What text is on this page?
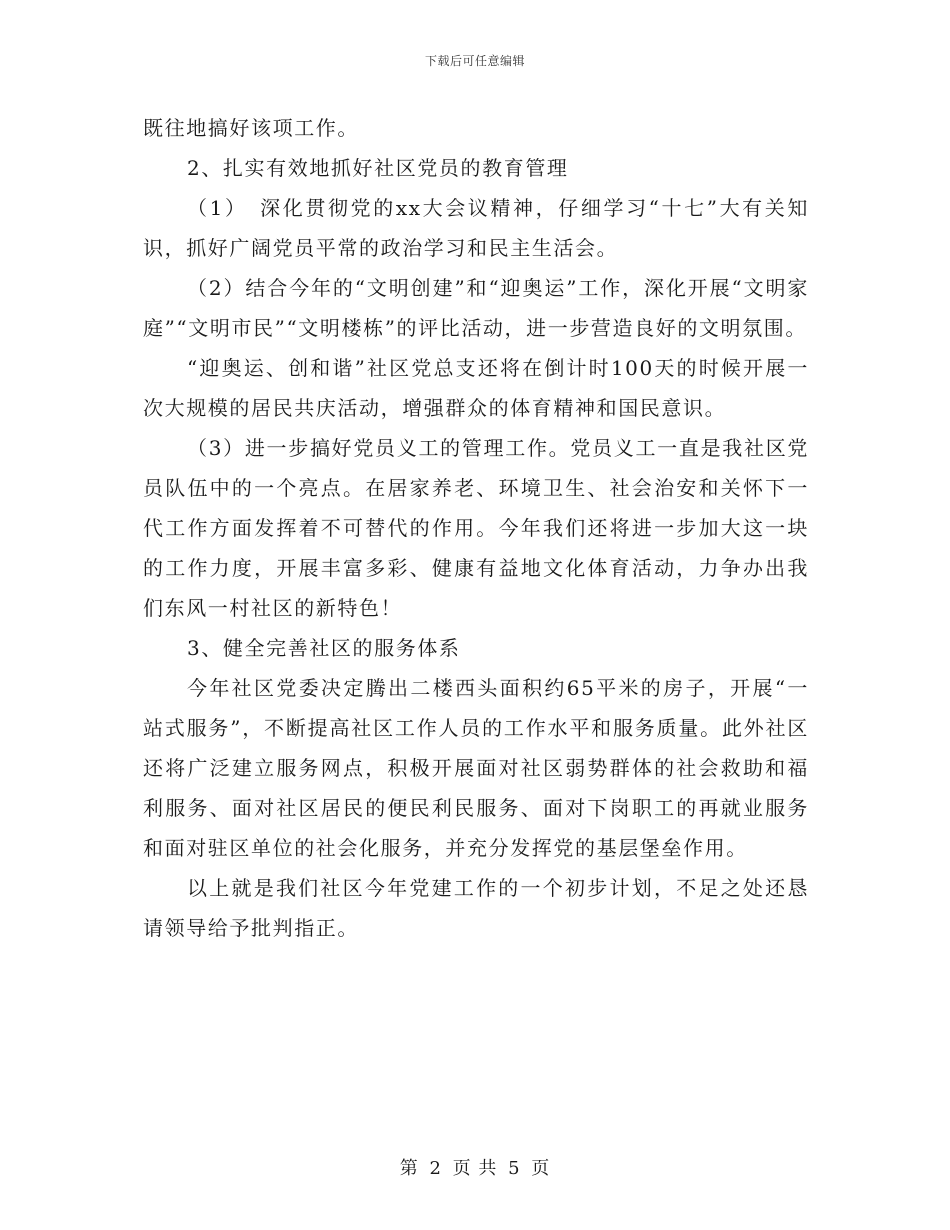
下载后可任意编辑

既往地搞好该项工作。

2、扎实有效地抓好社区党员的教育管理

（1）　深化贯彻党的xx大会议精神，仔细学习“十七”大有关知识，抓好广阔党员平常的政治学习和民主生活会。

（2）结合今年的“文明创建”和“迎奥运”工作，深化开展“文明家庭”“文明市民”“文明楼栋”的评比活动，进一步营造良好的文明氛围。

“迎奥运、创和谐”社区党总支还将在倒计时100天的时候开展一次大规模的居民共庆活动，增强群众的体育精神和国民意识。

（3）进一步搞好党员义工的管理工作。党员义工一直是我社区党员队伍中的一个亮点。在居家养老、环境卫生、社会治安和关怀下一代工作方面发挥着不可替代的作用。今年我们还将进一步加大这一块的工作力度，开展丰富多彩、健康有益地文化体育活动，力争办出我们东风一村社区的新特色！

3、健全完善社区的服务体系

今年社区党委决定腾出二楼西头面积约65平米的房子，开展“一站式服务”，不断提高社区工作人员的工作水平和服务质量。此外社区还将广泛建立服务网点，积极开展面对社区弱势群体的社会救助和福利服务、面对社区居民的便民利民服务、面对下岗职工的再就业服务和面对驻区单位的社会化服务，并充分发挥党的基层堡垒作用。

以上就是我们社区今年党建工作的一个初步计划，不足之处还恳请领导给予批判指正。

第 2 页 共 5 页
